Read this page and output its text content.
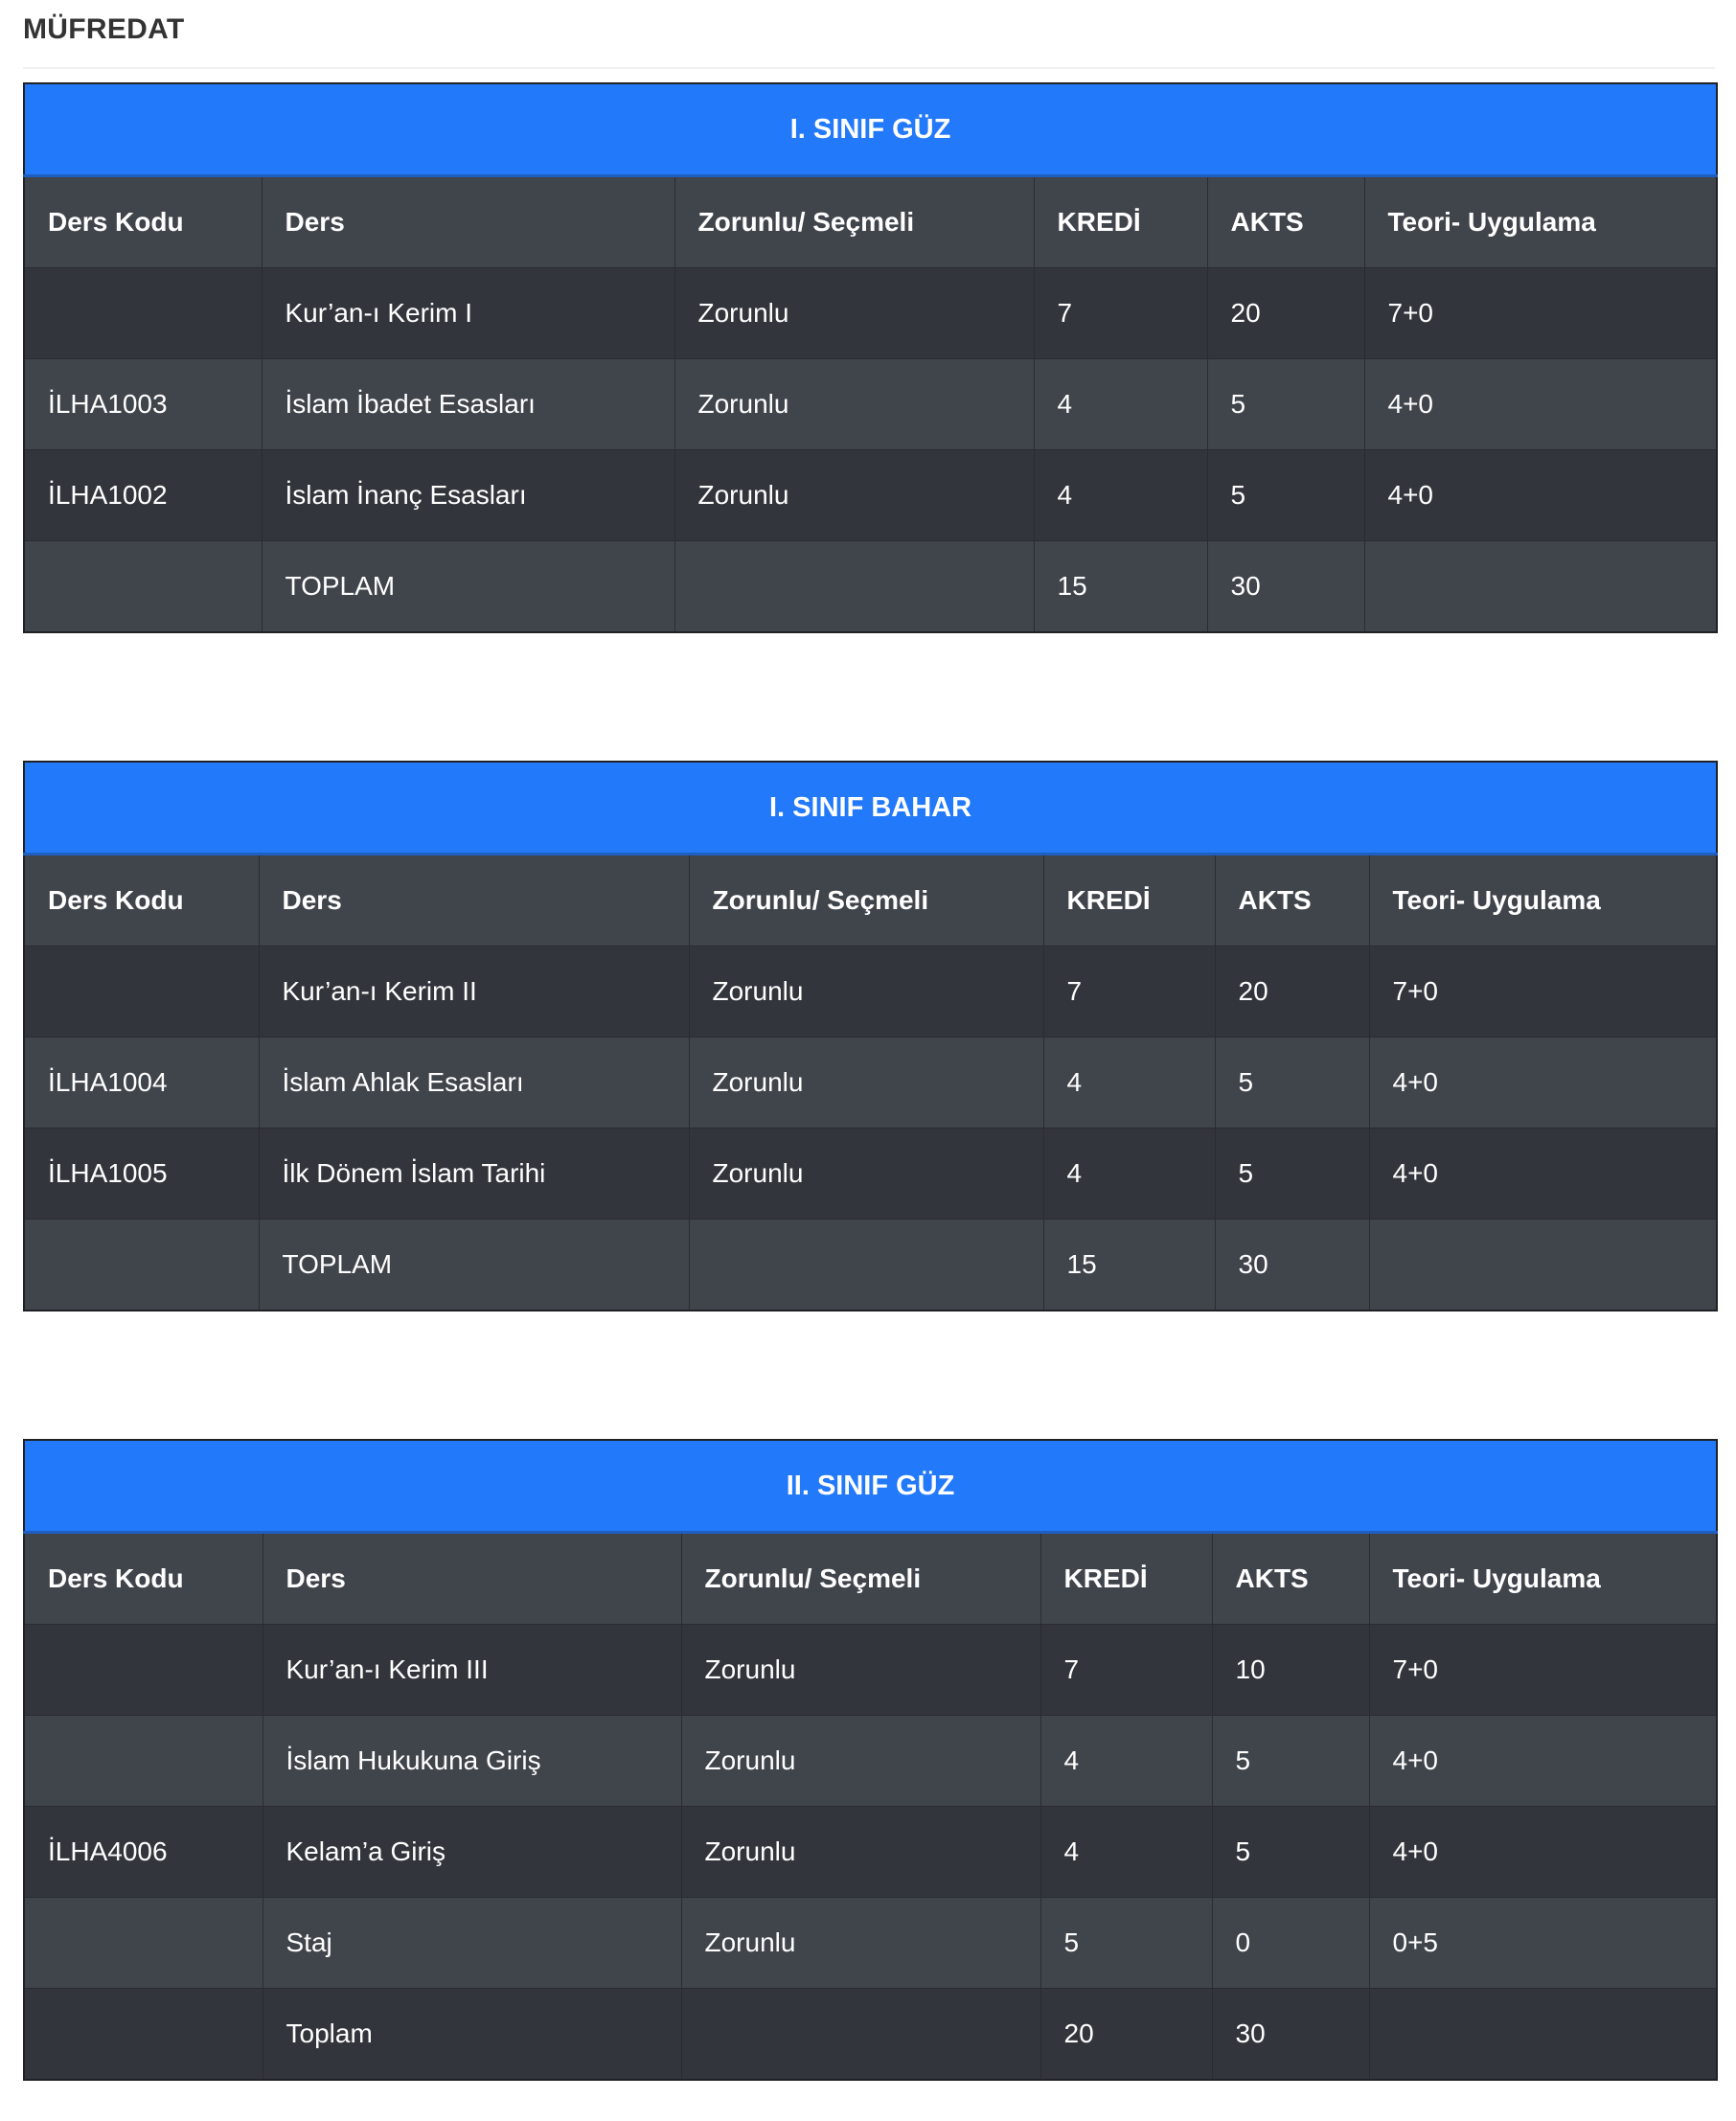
MÜFREDAT
I. SINIF GÜZ					
Ders Kodu	Ders	Zorunlu/ Seçmeli	KREDİ	AKTS	Teori- Uygulama
	Kur’an-ı Kerim I	Zorunlu	7	20	7+0
İLHA1003	İslam İbadet Esasları	Zorunlu	4	5	4+0
İLHA1002	İslam İnanç Esasları	Zorunlu	4	5	4+0
	TOPLAM		15	30	
I. SINIF BAHAR					
Ders Kodu	Ders	Zorunlu/ Seçmeli	KREDİ	AKTS	Teori- Uygulama
	Kur’an-ı Kerim II	Zorunlu	7	20	7+0
İLHA1004	İslam Ahlak Esasları	Zorunlu	4	5	4+0
İLHA1005	İlk Dönem İslam Tarihi	Zorunlu	4	5	4+0
	TOPLAM		15	30	
II. SINIF GÜZ					
Ders Kodu	Ders	Zorunlu/ Seçmeli	KREDİ	AKTS	Teori- Uygulama
	Kur’an-ı Kerim III	Zorunlu	7	10	7+0
	İslam Hukukuna Giriş	Zorunlu	4	5	4+0
İLHA4006	Kelam’a Giriş	Zorunlu	4	5	4+0
	Staj	Zorunlu	5	0	0+5
	Toplam		20	30	
